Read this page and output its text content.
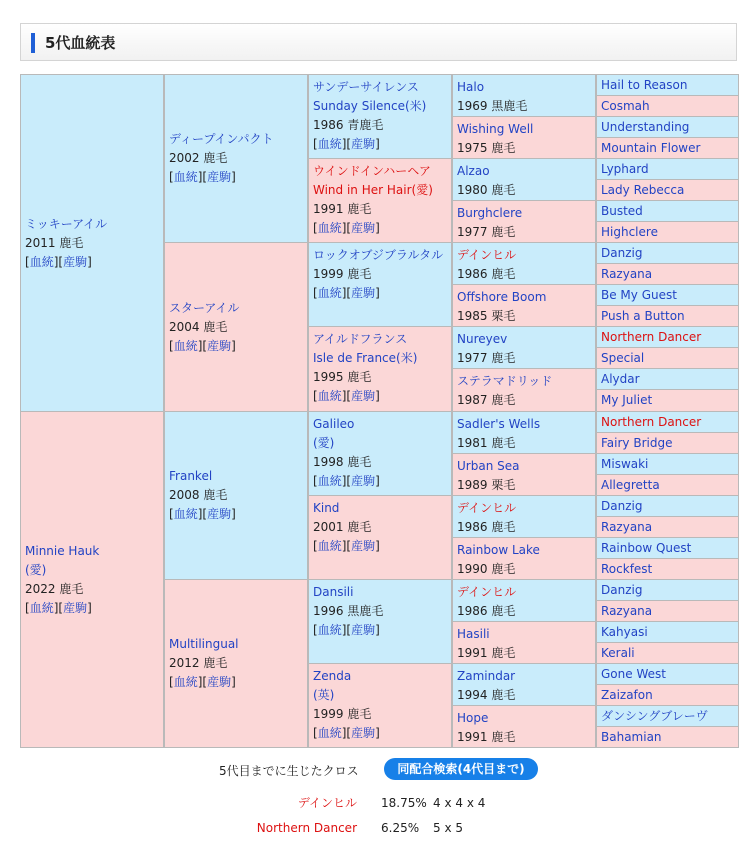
5代血統表
ミッキーアイル
2011 鹿毛
[血統][産駒]
Minnie Hauk
(愛)
2022 鹿毛
[血統][産駒]
ディープインパクト
2002 鹿毛
[血統][産駒]
スターアイル
2004 鹿毛
[血統][産駒]
Frankel
2008 鹿毛
[血統][産駒]
Multilingual
2012 鹿毛
[血統][産駒]
サンデーサイレンス
Sunday Silence(米)
1986 青鹿毛
[血統][産駒]
ウインドインハーヘア
Wind in Her Hair(愛)
1991 鹿毛
[血統][産駒]
ロックオブジブラルタル
1999 鹿毛
[血統][産駒]
アイルドフランス
Isle de France(米)
1995 鹿毛
[血統][産駒]
Galileo
(愛)
1998 鹿毛
[血統][産駒]
Kind
2001 鹿毛
[血統][産駒]
Dansili
1996 黒鹿毛
[血統][産駒]
Zenda
(英)
1999 鹿毛
[血統][産駒]
Halo
1969 黒鹿毛
Wishing Well
1975 鹿毛
Alzao
1980 鹿毛
Burghclere
1977 鹿毛
デインヒル
1986 鹿毛
Offshore Boom
1985 栗毛
Nureyev
1977 鹿毛
ステラマドリッド
1987 鹿毛
Sadler's Wells
1981 鹿毛
Urban Sea
1989 栗毛
デインヒル
1986 鹿毛
Rainbow Lake
1990 鹿毛
デインヒル
1986 鹿毛
Hasili
1991 鹿毛
Zamindar
1994 鹿毛
Hope
1991 鹿毛
Hail to Reason
Cosmah
Understanding
Mountain Flower
Lyphard
Lady Rebecca
Busted
Highclere
Danzig
Razyana
Be My Guest
Push a Button
Northern Dancer
Special
Alydar
My Juliet
Northern Dancer
Fairy Bridge
Miswaki
Allegretta
Danzig
Razyana
Rainbow Quest
Rockfest
Danzig
Razyana
Kahyasi
Kerali
Gone West
Zaizafon
ダンシングブレーヴ
Bahamian
5代目までに生じたクロス	同配合検索(4代目まで)
デインヒル 18.75% 4 x 4 x 4
Northern Dancer 6.25% 5 x 5
